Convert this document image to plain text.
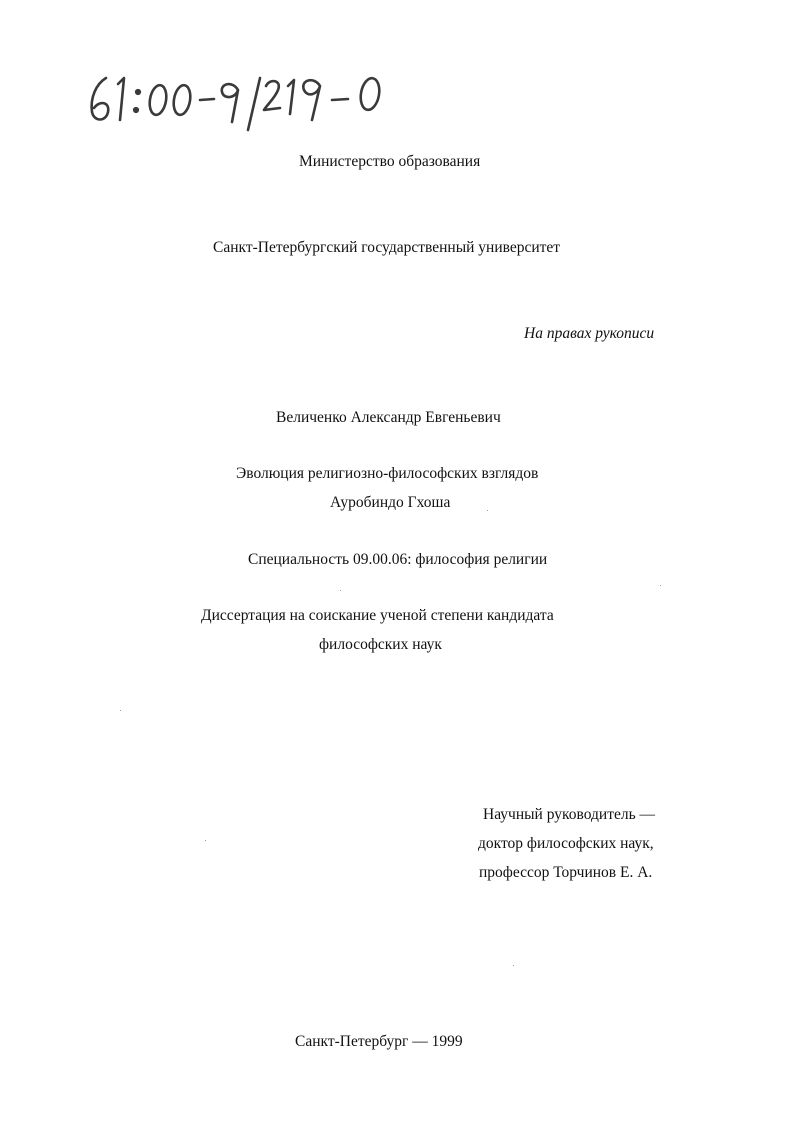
Министерство образования
Санкт-Петербургский государственный университет
На правах рукописи
Величенко Александр Евгеньевич
Эволюция религиозно-философских взглядов
Ауробиндо Гхоша
Специальность 09.00.06: философия религии
Диссертация на соискание ученой степени кандидата
философских наук
Научный руководитель —
доктор философских наук,
профессор Торчинов Е. А.
Санкт-Петербург — 1999
